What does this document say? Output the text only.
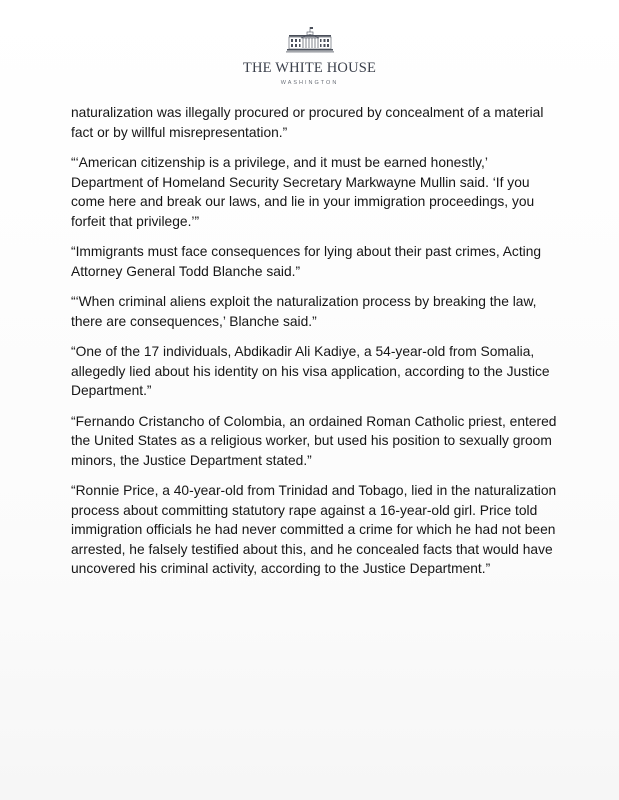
THE WHITE HOUSE
WASHINGTON

naturalization was illegally procured or procured by concealment of a material fact or by willful misrepresentation.”

“‘American citizenship is a privilege, and it must be earned honestly,’ Department of Homeland Security Secretary Markwayne Mullin said. ‘If you come here and break our laws, and lie in your immigration proceedings, you forfeit that privilege.’”

“Immigrants must face consequences for lying about their past crimes, Acting Attorney General Todd Blanche said.”

“‘When criminal aliens exploit the naturalization process by breaking the law, there are consequences,’ Blanche said.”

“One of the 17 individuals, Abdikadir Ali Kadiye, a 54-year-old from Somalia, allegedly lied about his identity on his visa application, according to the Justice Department.”

“Fernando Cristancho of Colombia, an ordained Roman Catholic priest, entered the United States as a religious worker, but used his position to sexually groom minors, the Justice Department stated.”

“Ronnie Price, a 40-year-old from Trinidad and Tobago, lied in the naturalization process about committing statutory rape against a 16-year-old girl. Price told immigration officials he had never committed a crime for which he had not been arrested, he falsely testified about this, and he concealed facts that would have uncovered his criminal activity, according to the Justice Department.”
